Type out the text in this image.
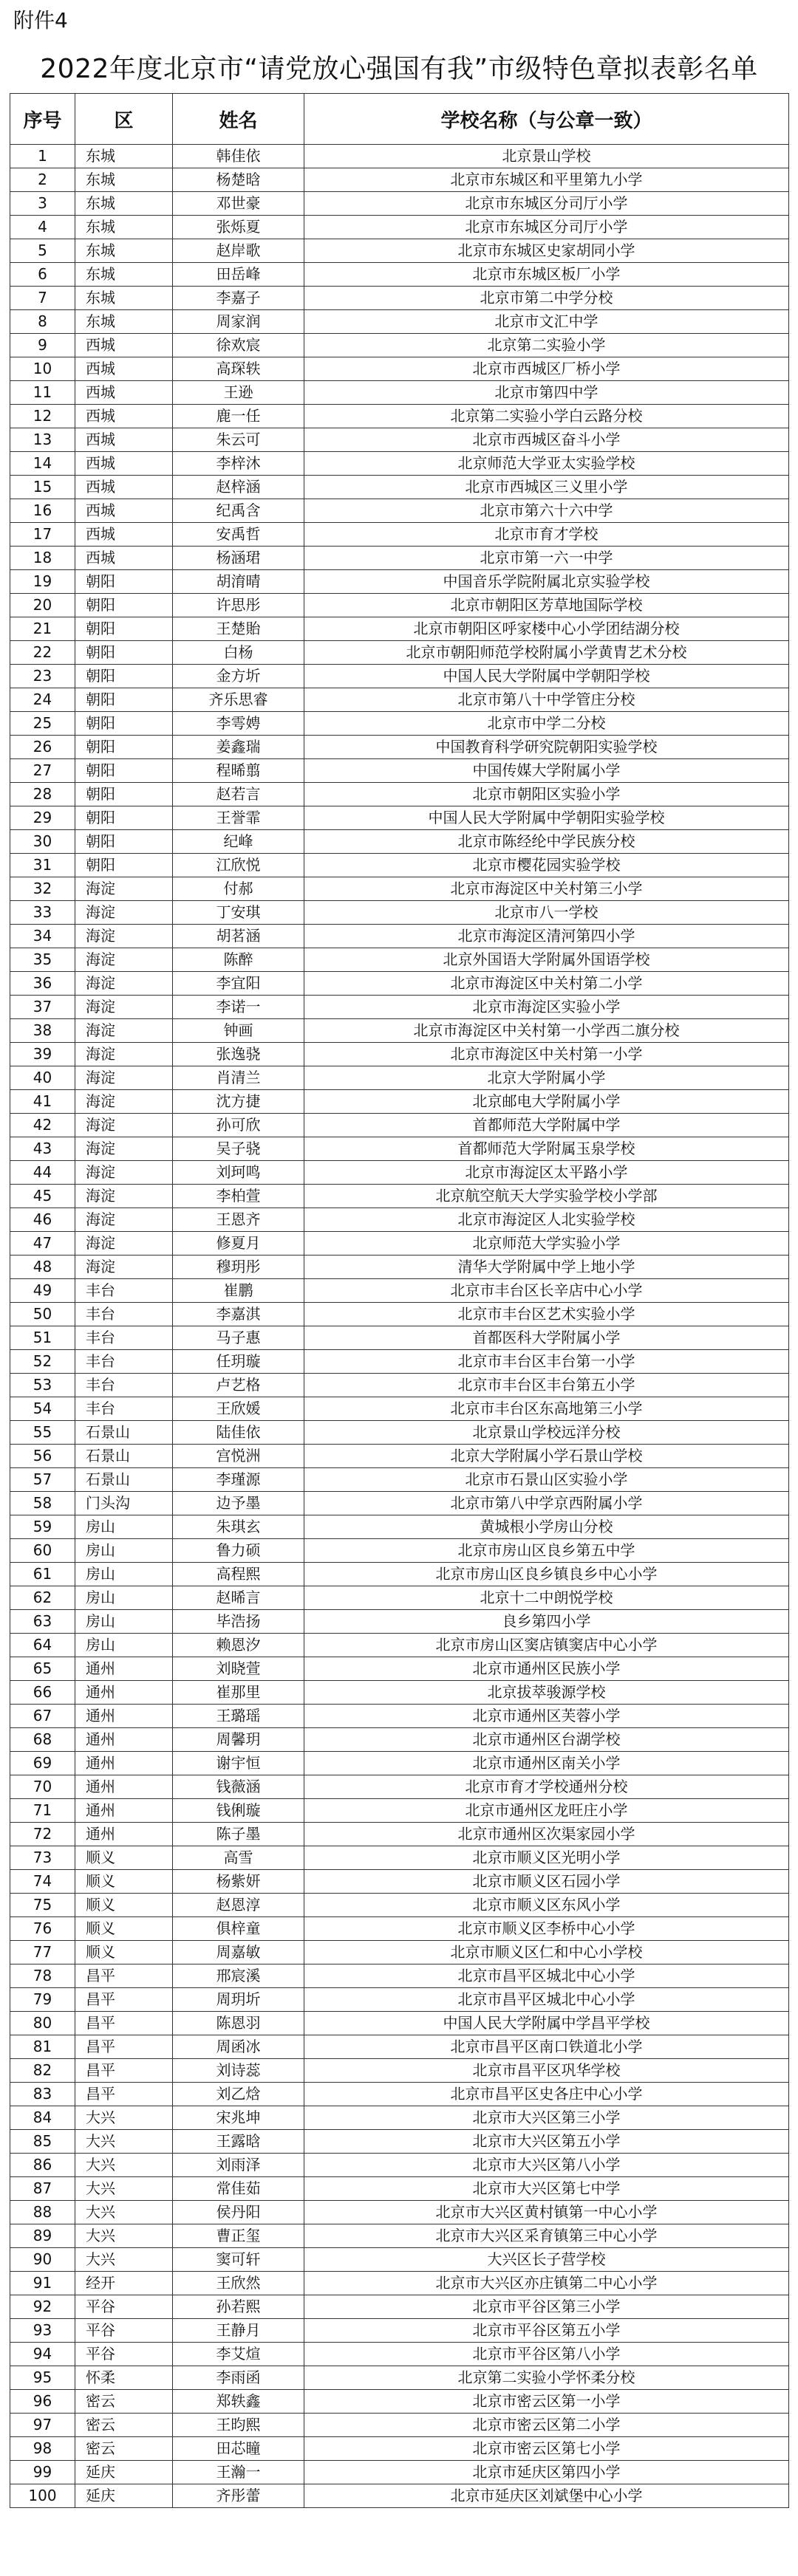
附件4
2022年度北京市“请党放心强国有我”市级特色章拟表彰名单
序号	区	姓名	学校名称（与公章一致）
1	东城	韩佳依	北京景山学校
2	东城	杨楚晗	北京市东城区和平里第九小学
3	东城	邓世豪	北京市东城区分司厅小学
4	东城	张烁夏	北京市东城区分司厅小学
5	东城	赵岸歌	北京市东城区史家胡同小学
6	东城	田岳峰	北京市东城区板厂小学
7	东城	李嘉子	北京市第二中学分校
8	东城	周家润	北京市文汇中学
9	西城	徐欢宸	北京第二实验小学
10	西城	高琛轶	北京市西城区厂桥小学
11	西城	王逊	北京市第四中学
12	西城	鹿一任	北京第二实验小学白云路分校
13	西城	朱云可	北京市西城区奋斗小学
14	西城	李梓沐	北京师范大学亚太实验学校
15	西城	赵梓涵	北京市西城区三义里小学
16	西城	纪禹含	北京市第六十六中学
17	西城	安禹哲	北京市育才学校
18	西城	杨涵珺	北京市第一六一中学
19	朝阳	胡淯晴	中国音乐学院附属北京实验学校
20	朝阳	许思彤	北京市朝阳区芳草地国际学校
21	朝阳	王楚貽	北京市朝阳区呼家楼中心小学团结湖分校
22	朝阳	白杨	北京市朝阳师范学校附属小学黄胄艺术分校
23	朝阳	金方圻	中国人民大学附属中学朝阳学校
24	朝阳	齐乐思睿	北京市第八十中学管庄分校
25	朝阳	李雩娉	北京市中学二分校
26	朝阳	姜鑫瑞	中国教育科学研究院朝阳实验学校
27	朝阳	程晞翦	中国传媒大学附属小学
28	朝阳	赵若言	北京市朝阳区实验小学
29	朝阳	王誉霏	中国人民大学附属中学朝阳实验学校
30	朝阳	纪峰	北京市陈经纶中学民族分校
31	朝阳	江欣悦	北京市樱花园实验学校
32	海淀	付郝	北京市海淀区中关村第三小学
33	海淀	丁安琪	北京市八一学校
34	海淀	胡茗涵	北京市海淀区清河第四小学
35	海淀	陈醉	北京外国语大学附属外国语学校
36	海淀	李宜阳	北京市海淀区中关村第二小学
37	海淀	李诺一	北京市海淀区实验小学
38	海淀	钟画	北京市海淀区中关村第一小学西二旗分校
39	海淀	张逸骁	北京市海淀区中关村第一小学
40	海淀	肖清兰	北京大学附属小学
41	海淀	沈方捷	北京邮电大学附属小学
42	海淀	孙可欣	首都师范大学附属中学
43	海淀	吴子骁	首都师范大学附属玉泉学校
44	海淀	刘珂鸣	北京市海淀区太平路小学
45	海淀	李柏萱	北京航空航天大学实验学校小学部
46	海淀	王恩齐	北京市海淀区人北实验学校
47	海淀	修夏月	北京师范大学实验小学
48	海淀	穆玥彤	清华大学附属中学上地小学
49	丰台	崔鹏	北京市丰台区长辛店中心小学
50	丰台	李嘉淇	北京市丰台区艺术实验小学
51	丰台	马子惠	首都医科大学附属小学
52	丰台	任玥璇	北京市丰台区丰台第一小学
53	丰台	卢艺格	北京市丰台区丰台第五小学
54	丰台	王欣媛	北京市丰台区东高地第三小学
55	石景山	陆佳依	北京景山学校远洋分校
56	石景山	宫悦洲	北京大学附属小学石景山学校
57	石景山	李瑾源	北京市石景山区实验小学
58	门头沟	边予墨	北京市第八中学京西附属小学
59	房山	朱琪玄	黄城根小学房山分校
60	房山	鲁力硕	北京市房山区良乡第五中学
61	房山	高程熙	北京市房山区良乡镇良乡中心小学
62	房山	赵晞言	北京十二中朗悦学校
63	房山	毕浩扬	良乡第四小学
64	房山	赖恩汐	北京市房山区窦店镇窦店中心小学
65	通州	刘晓萱	北京市通州区民族小学
66	通州	崔那里	北京拔萃骏源学校
67	通州	王璐瑶	北京市通州区芙蓉小学
68	通州	周馨玥	北京市通州区台湖学校
69	通州	谢宇恒	北京市通州区南关小学
70	通州	钱薇涵	北京市育才学校通州分校
71	通州	钱俐璇	北京市通州区龙旺庄小学
72	通州	陈子墨	北京市通州区次渠家园小学
73	顺义	高雪	北京市顺义区光明小学
74	顺义	杨紫妍	北京市顺义区石园小学
75	顺义	赵恩淳	北京市顺义区东风小学
76	顺义	俱梓童	北京市顺义区李桥中心小学
77	顺义	周嘉敏	北京市顺义区仁和中心小学校
78	昌平	邢宸溪	北京市昌平区城北中心小学
79	昌平	周玥圻	北京市昌平区城北中心小学
80	昌平	陈恩羽	中国人民大学附属中学昌平学校
81	昌平	周函冰	北京市昌平区南口铁道北小学
82	昌平	刘诗蕊	北京市昌平区巩华学校
83	昌平	刘乙焓	北京市昌平区史各庄中心小学
84	大兴	宋兆坤	北京市大兴区第三小学
85	大兴	王露晗	北京市大兴区第五小学
86	大兴	刘雨泽	北京市大兴区第八小学
87	大兴	常佳茹	北京市大兴区第七中学
88	大兴	侯丹阳	北京市大兴区黄村镇第一中心小学
89	大兴	曹正玺	北京市大兴区采育镇第三中心小学
90	大兴	窦可轩	大兴区长子营学校
91	经开	王欣然	北京市大兴区亦庄镇第二中心小学
92	平谷	孙若熙	北京市平谷区第三小学
93	平谷	王静月	北京市平谷区第五小学
94	平谷	李艾煊	北京市平谷区第八小学
95	怀柔	李雨函	北京第二实验小学怀柔分校
96	密云	郑轶鑫	北京市密云区第一小学
97	密云	王昀熙	北京市密云区第二小学
98	密云	田芯瞳	北京市密云区第七小学
99	延庆	王瀚一	北京市延庆区第四小学
100	延庆	齐彤蕾	北京市延庆区刘斌堡中心小学
